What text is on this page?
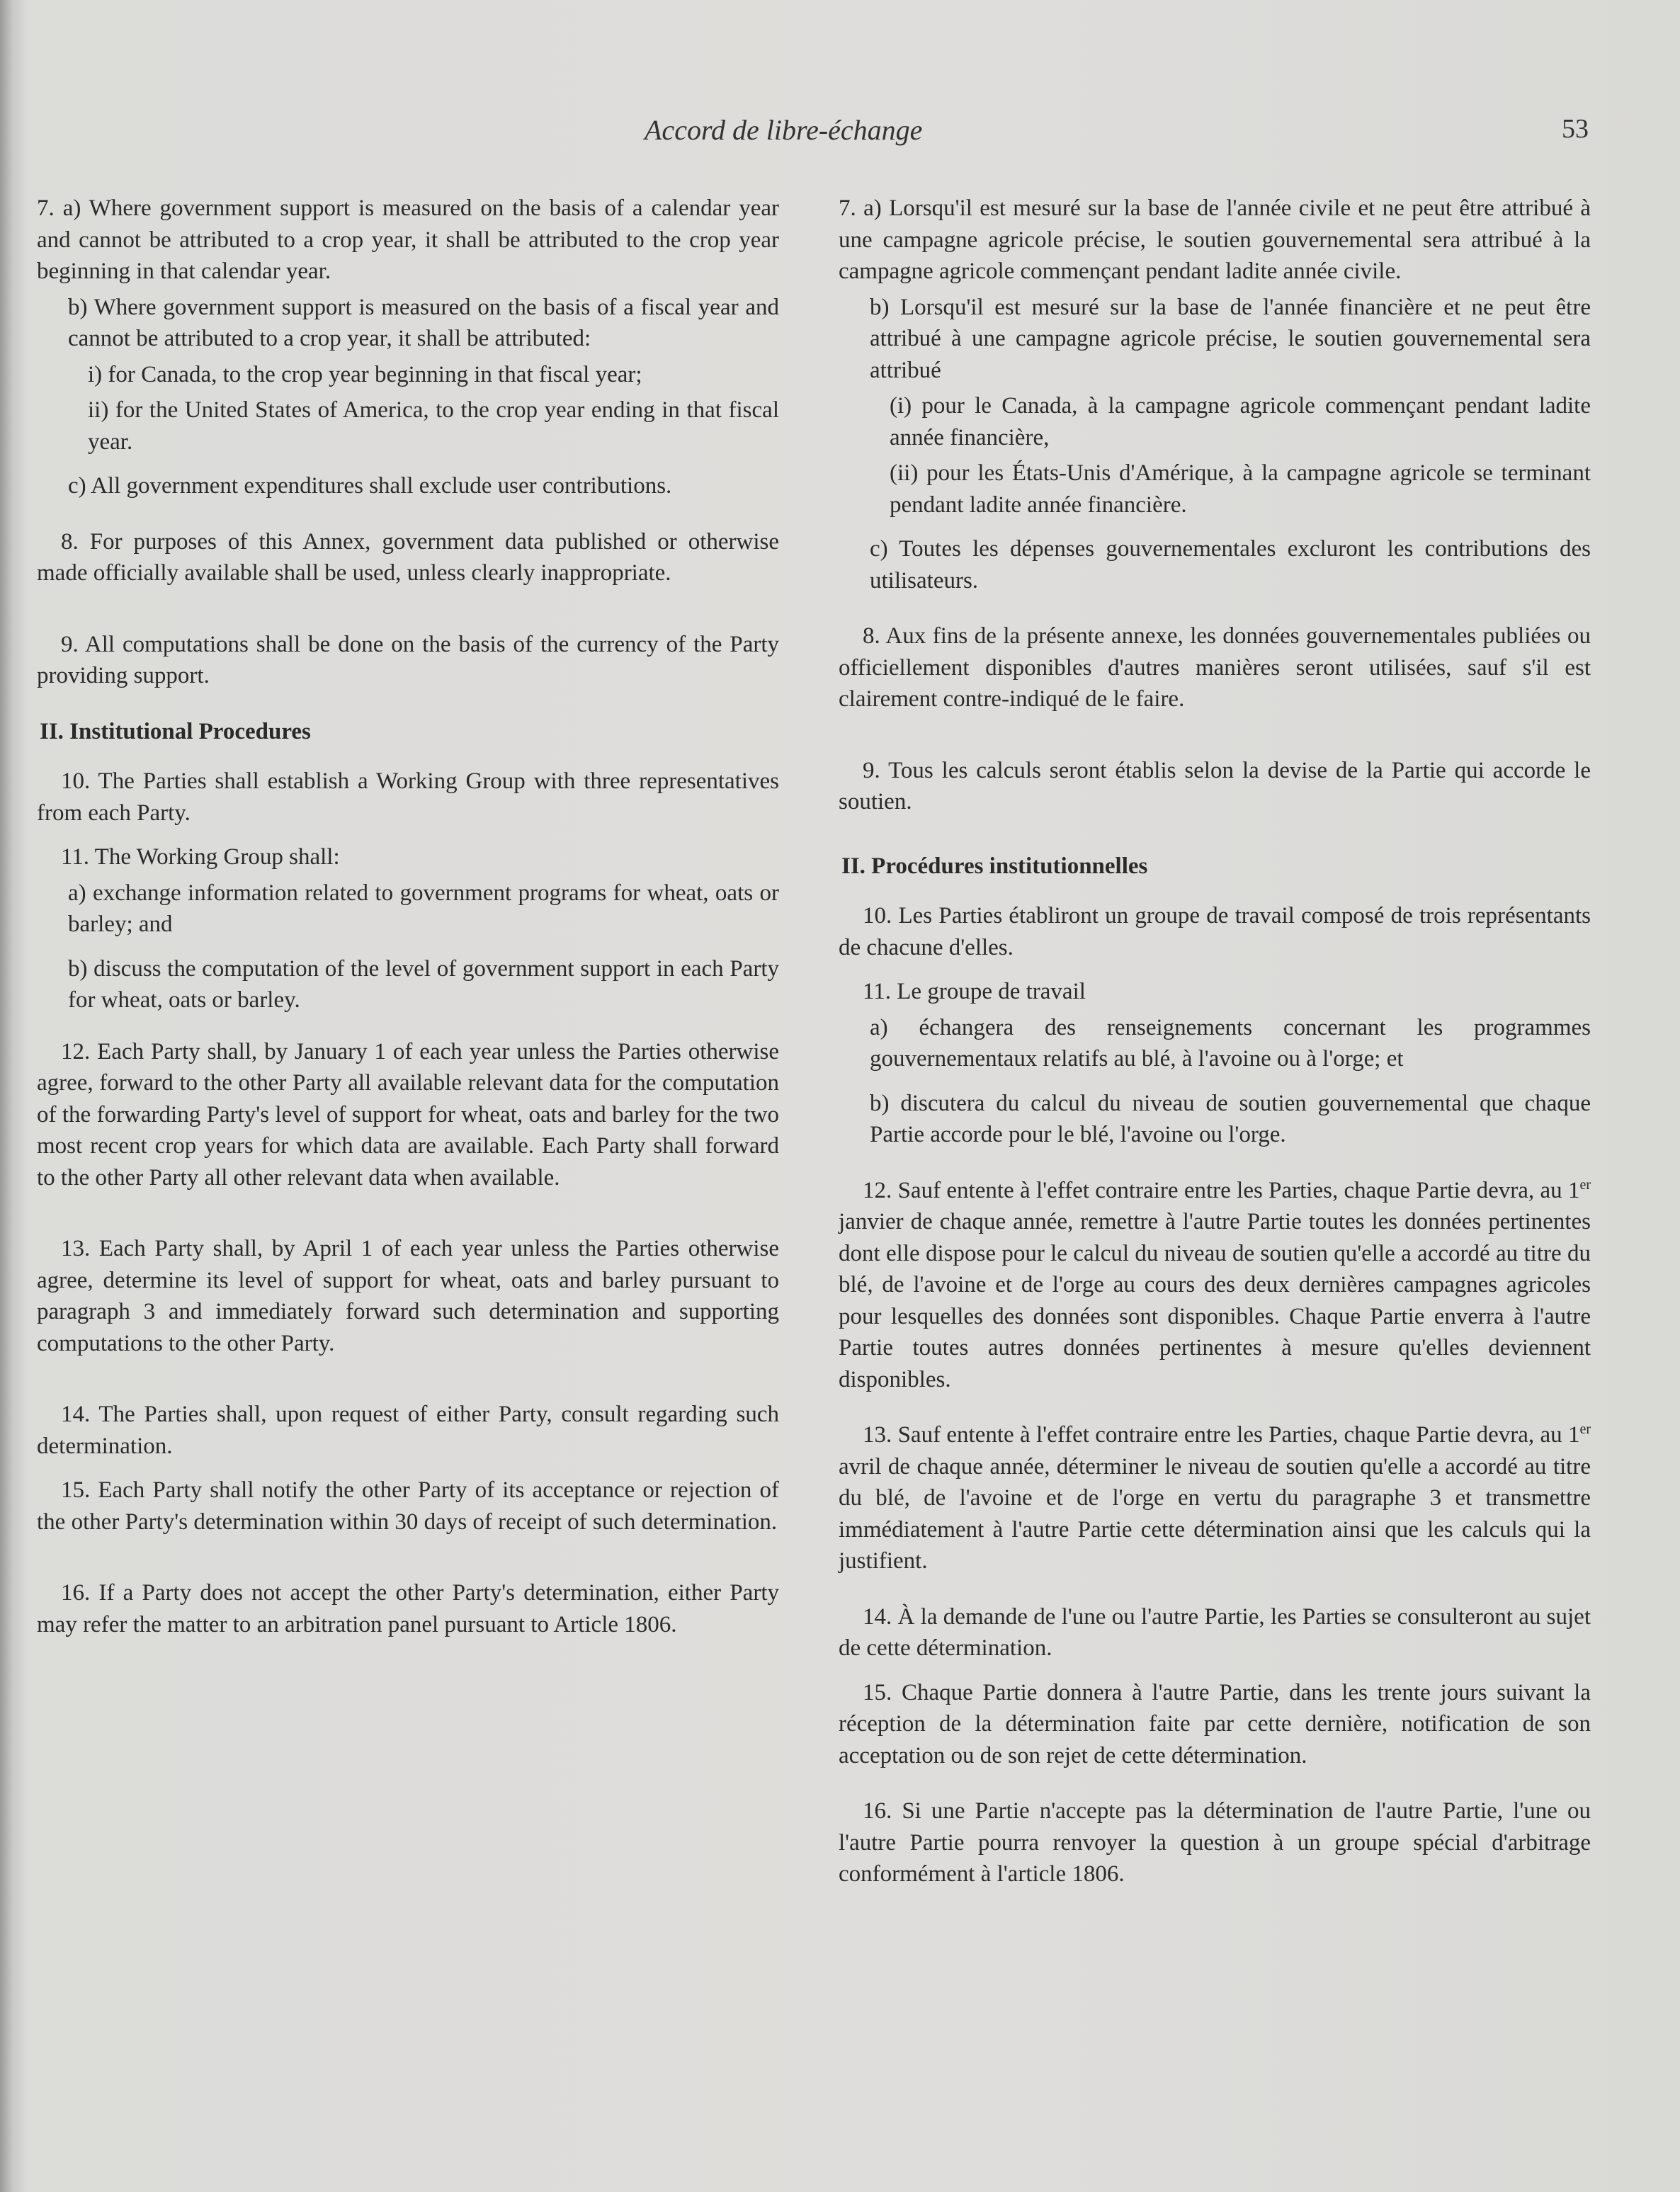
Accord de libre-échange	53

7. a) Where government support is measured on the basis of a calendar year and cannot be attributed to a crop year, it shall be attributed to the crop year beginning in that calendar year.

b) Where government support is measured on the basis of a fiscal year and cannot be attributed to a crop year, it shall be attributed:

i) for Canada, to the crop year beginning in that fiscal year;

ii) for the United States of America, to the crop year ending in that fiscal year.

c) All government expenditures shall exclude user contributions.

8. For purposes of this Annex, government data published or otherwise made officially available shall be used, unless clearly inappropriate.

9. All computations shall be done on the basis of the currency of the Party providing support.

II. Institutional Procedures

10. The Parties shall establish a Working Group with three representatives from each Party.

11. The Working Group shall:

a) exchange information related to government programs for wheat, oats or barley; and

b) discuss the computation of the level of government support in each Party for wheat, oats or barley.

12. Each Party shall, by January 1 of each year unless the Parties otherwise agree, forward to the other Party all available relevant data for the computation of the forwarding Party's level of support for wheat, oats and barley for the two most recent crop years for which data are available. Each Party shall forward to the other Party all other relevant data when available.

13. Each Party shall, by April 1 of each year unless the Parties otherwise agree, determine its level of support for wheat, oats and barley pursuant to paragraph 3 and immediately forward such determination and supporting computations to the other Party.

14. The Parties shall, upon request of either Party, consult regarding such determination.

15. Each Party shall notify the other Party of its acceptance or rejection of the other Party's determination within 30 days of receipt of such determination.

16. If a Party does not accept the other Party's determination, either Party may refer the matter to an arbitration panel pursuant to Article 1806.

7. a) Lorsqu'il est mesuré sur la base de l'année civile et ne peut être attribué à une campagne agricole précise, le soutien gouvernemental sera attribué à la campagne agricole commençant pendant ladite année civile.

b) Lorsqu'il est mesuré sur la base de l'année financière et ne peut être attribué à une campagne agricole précise, le soutien gouvernemental sera attribué

(i) pour le Canada, à la campagne agricole commençant pendant ladite année financière,

(ii) pour les États-Unis d'Amérique, à la campagne agricole se terminant pendant ladite année financière.

c) Toutes les dépenses gouvernementales excluront les contributions des utilisateurs.

8. Aux fins de la présente annexe, les données gouvernementales publiées ou officiellement disponibles d'autres manières seront utilisées, sauf s'il est clairement contre-indiqué de le faire.

9. Tous les calculs seront établis selon la devise de la Partie qui accorde le soutien.

II. Procédures institutionnelles

10. Les Parties établiront un groupe de travail composé de trois représentants de chacune d'elles.

11. Le groupe de travail

a) échangera des renseignements concernant les programmes gouvernementaux relatifs au blé, à l'avoine ou à l'orge; et

b) discutera du calcul du niveau de soutien gouvernemental que chaque Partie accorde pour le blé, l'avoine ou l'orge.

12. Sauf entente à l'effet contraire entre les Parties, chaque Partie devra, au 1er janvier de chaque année, remettre à l'autre Partie toutes les données pertinentes dont elle dispose pour le calcul du niveau de soutien qu'elle a accordé au titre du blé, de l'avoine et de l'orge au cours des deux dernières campagnes agricoles pour lesquelles des données sont disponibles. Chaque Partie enverra à l'autre Partie toutes autres données pertinentes à mesure qu'elles deviennent disponibles.

13. Sauf entente à l'effet contraire entre les Parties, chaque Partie devra, au 1er avril de chaque année, déterminer le niveau de soutien qu'elle a accordé au titre du blé, de l'avoine et de l'orge en vertu du paragraphe 3 et transmettre immédiatement à l'autre Partie cette détermination ainsi que les calculs qui la justifient.

14. À la demande de l'une ou l'autre Partie, les Parties se consulteront au sujet de cette détermination.

15. Chaque Partie donnera à l'autre Partie, dans les trente jours suivant la réception de la détermination faite par cette dernière, notification de son acceptation ou de son rejet de cette détermination.

16. Si une Partie n'accepte pas la détermination de l'autre Partie, l'une ou l'autre Partie pourra renvoyer la question à un groupe spécial d'arbitrage conformément à l'article 1806.
